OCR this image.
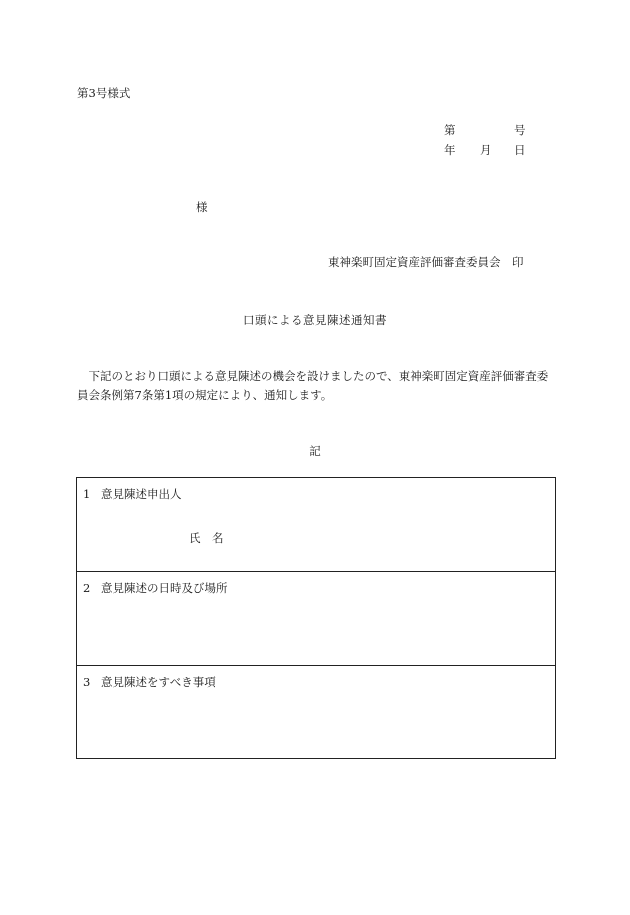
第3号様式
第	号
年 月 日
様
東神楽町固定資産評価審査委員会　印
口頭による意見陳述通知書
下記のとおり口頭による意見陳述の機会を設けましたので、東神楽町固定資産評価審査委員会条例第7条第1項の規定により、通知します。
記
1 意見陳述申出人
氏　名
2 意見陳述の日時及び場所
3 意見陳述をすべき事項
